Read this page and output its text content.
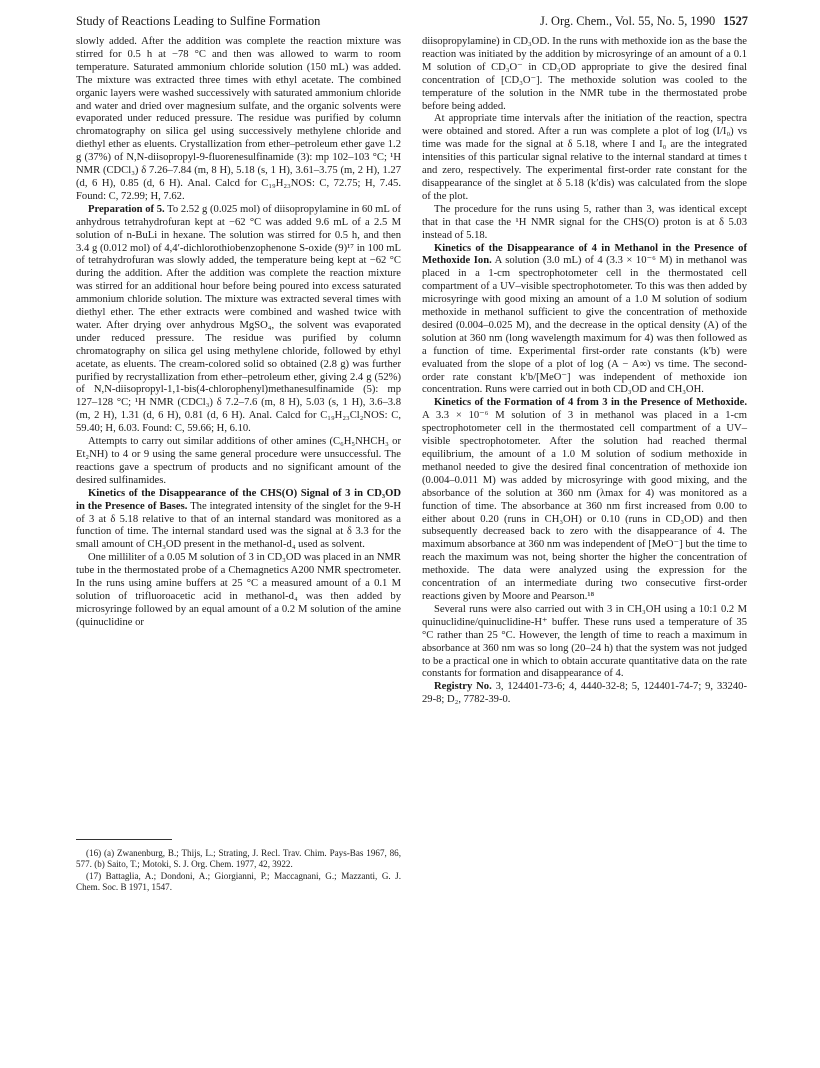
Study of Reactions Leading to Sulfine Formation	J. Org. Chem., Vol. 55, No. 5, 1990 1527

slowly added. After the addition was complete the reaction mixture was stirred for 0.5 h at −78 °C and then was allowed to warm to room temperature. Saturated ammonium chloride solution (150 mL) was added. The mixture was extracted three times with ethyl acetate. The combined organic layers were washed successively with saturated ammonium chloride and water and dried over magnesium sulfate, and the organic solvents were evaporated under reduced pressure. The residue was purified by column chromatography on silica gel using successively methylene chloride and diethyl ether as eluents. Crystallization from ether–petroleum ether gave 1.2 g (37%) of N,N-diisopropyl-9-fluorenesulfinamide (3): mp 102–103 °C; ¹H NMR (CDCl₃) δ 7.26–7.84 (m, 8 H), 5.18 (s, 1 H), 3.61–3.75 (m, 2 H), 1.27 (d, 6 H), 0.85 (d, 6 H). Anal. Calcd for C₁₉H₂₃NOS: C, 72.75; H, 7.45. Found: C, 72.99; H, 7.62.

Preparation of 5. To 2.52 g (0.025 mol) of diisopropylamine in 60 mL of anhydrous tetrahydrofuran kept at −62 °C was added 9.6 mL of a 2.5 M solution of n-BuLi in hexane. The solution was stirred for 0.5 h, and then 3.4 g (0.012 mol) of 4,4′-dichlorothiobenzophenone S-oxide (9)¹⁷ in 100 mL of tetrahydrofuran was slowly added, the temperature being kept at −62 °C during the addition. After the addition was complete the reaction mixture was stirred for an additional hour before being poured into excess saturated ammonium chloride solution. The mixture was extracted several times with diethyl ether. The ether extracts were combined and washed twice with water. After drying over anhydrous MgSO₄, the solvent was evaporated under reduced pressure. The residue was purified by column chromatography on silica gel using methylene chloride, followed by ethyl acetate, as eluents. The cream-colored solid so obtained (2.8 g) was further purified by recrystallization from ether–petroleum ether, giving 2.4 g (52%) of N,N-diisopropyl-1,1-bis(4-chlorophenyl)methanesulfinamide (5): mp 127–128 °C; ¹H NMR (CDCl₃) δ 7.2–7.6 (m, 8 H), 5.03 (s, 1 H), 3.6–3.8 (m, 2 H), 1.31 (d, 6 H), 0.81 (d, 6 H). Anal. Calcd for C₁₉H₂₃Cl₂NOS: C, 59.40; H, 6.03. Found: C, 59.66; H, 6.10.

Attempts to carry out similar additions of other amines (C₆H₅NHCH₃ or Et₂NH) to 4 or 9 using the same general procedure were unsuccessful. The reactions gave a spectrum of products and no significant amount of the desired sulfinamides.

Kinetics of the Disappearance of the CHS(O) Signal of 3 in CD₃OD in the Presence of Bases. The integrated intensity of the singlet for the 9-H of 3 at δ 5.18 relative to that of an internal standard was monitored as a function of time. The internal standard used was the signal at δ 3.3 for the small amount of CH₃OD present in the methanol-d₄ used as solvent.

One milliliter of a 0.05 M solution of 3 in CD₃OD was placed in an NMR tube in the thermostated probe of a Chemagnetics A200 NMR spectrometer. In the runs using amine buffers at 25 °C a measured amount of a 0.1 M solution of trifluoroacetic acid in methanol-d₄ was then added by microsyringe followed by an equal amount of a 0.2 M solution of the amine (quinuclidine or

(16) (a) Zwanenburg, B.; Thijs, L.; Strating, J. Recl. Trav. Chim. Pays-Bas 1967, 86, 577. (b) Saito, T.; Motoki, S. J. Org. Chem. 1977, 42, 3922.

(17) Battaglia, A.; Dondoni, A.; Giorgianni, P.; Maccagnani, G.; Mazzanti, G. J. Chem. Soc. B 1971, 1547.

diisopropylamine) in CD₃OD. In the runs with methoxide ion as the base the reaction was initiated by the addition by microsyringe of an amount of a 0.1 M solution of CD₃O⁻ in CD₃OD appropriate to give the desired final concentration of [CD₃O⁻]. The methoxide solution was cooled to the temperature of the solution in the NMR tube in the thermostated probe before being added.

At appropriate time intervals after the initiation of the reaction, spectra were obtained and stored. After a run was complete a plot of log (I/I₀) vs time was made for the signal at δ 5.18, where I and I₀ are the integrated intensities of this particular signal relative to the internal standard at times t and zero, respectively. The experimental first-order rate constant for the disappearance of the singlet at δ 5.18 (k′dis) was calculated from the slope of the plot.

The procedure for the runs using 5, rather than 3, was identical except that in that case the ¹H NMR signal for the CHS(O) proton is at δ 5.03 instead of 5.18.

Kinetics of the Disappearance of 4 in Methanol in the Presence of Methoxide Ion. A solution (3.0 mL) of 4 (3.3 × 10⁻⁶ M) in methanol was placed in a 1-cm spectrophotometer cell in the thermostated cell compartment of a UV–visible spectrophotometer. To this was then added by microsyringe with good mixing an amount of a 1.0 M solution of sodium methoxide in methanol sufficient to give the concentration of methoxide desired (0.004–0.025 M), and the decrease in the optical density (A) of the solution at 360 nm (long wavelength maximum for 4) was then followed as a function of time. Experimental first-order rate constants (k′b) were evaluated from the slope of a plot of log (A − A∞) vs time. The second-order rate constant k′b/[MeO⁻] was independent of methoxide ion concentration. Runs were carried out in both CD₃OD and CH₃OH.

Kinetics of the Formation of 4 from 3 in the Presence of Methoxide. A 3.3 × 10⁻⁶ M solution of 3 in methanol was placed in a 1-cm spectrophotometer cell in the thermostated cell compartment of a UV–visible spectrophotometer. After the solution had reached thermal equilibrium, the amount of a 1.0 M solution of sodium methoxide in methanol needed to give the desired final concentration of methoxide ion (0.004–0.011 M) was added by microsyringe with good mixing, and the absorbance of the solution at 360 nm (λmax for 4) was monitored as a function of time. The absorbance at 360 nm first increased from 0.00 to either about 0.20 (runs in CH₃OH) or 0.10 (runs in CD₃OD) and then subsequently decreased back to zero with the disappearance of 4. The maximum absorbance at 360 nm was independent of [MeO⁻] but the time to reach the maximum was not, being shorter the higher the concentration of methoxide. The data were analyzed using the expression for the concentration of an intermediate during two consecutive first-order reactions given by Moore and Pearson.¹⁸

Several runs were also carried out with 3 in CH₃OH using a 10:1 0.2 M quinuclidine/quinuclidine-H⁺ buffer. These runs used a temperature of 35 °C rather than 25 °C. However, the length of time to reach a maximum in absorbance at 360 nm was so long (20–24 h) that the system was not judged to be a practical one in which to obtain accurate quantitative data on the rate constants for formation and disappearance of 4.

Registry No. 3, 124401-73-6; 4, 4440-32-8; 5, 124401-74-7; 9, 33240-29-8; D₂, 7782-39-0.
